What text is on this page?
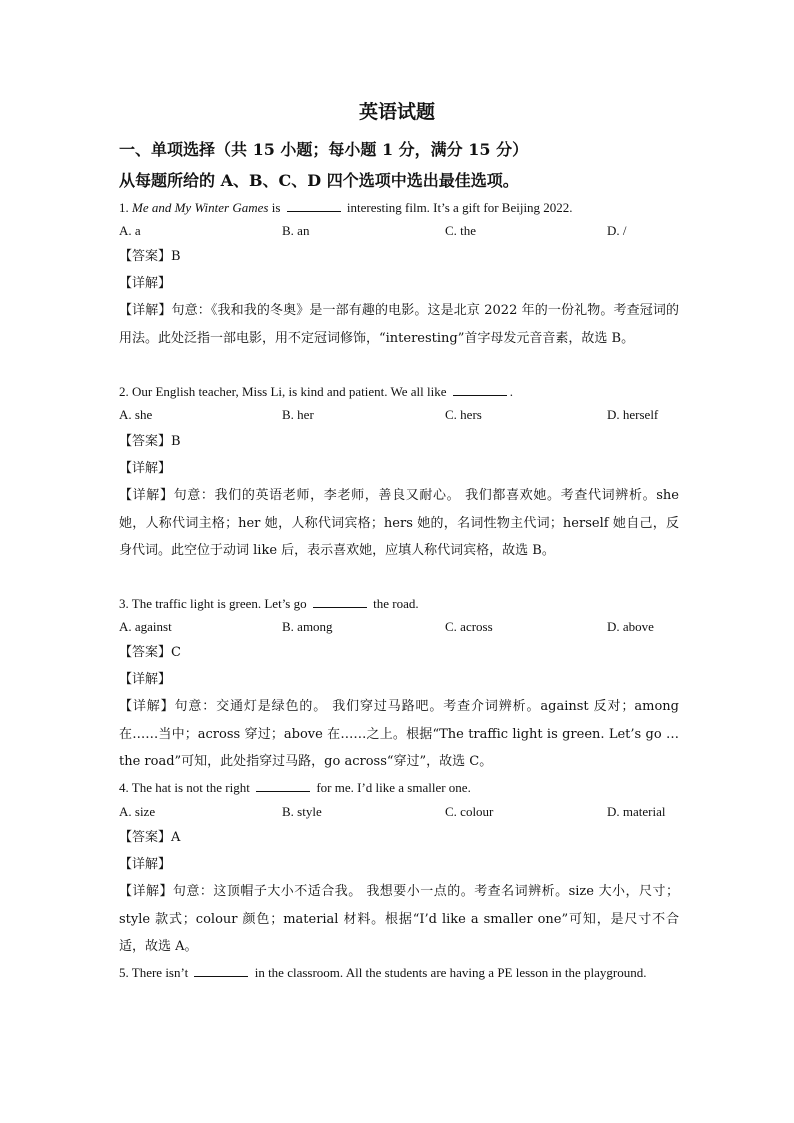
英语试题
一、单项选择（共 15 小题；每小题 1 分，满分 15 分）
从每题所给的 A、B、C、D 四个选项中选出最佳选项。
1. Me and My Winter Games is	interesting film. It’s a gift for Beijing 2022.
A. a	B. an	C. the	D. /
【答案】B
【详解】
【详解】句意：《我和我的冬奥》是一部有趣的电影。这是北京 2022 年的一份礼物。考查冠词的用法。此处泛指一部电影，用不定冠词修饰，“interesting”首字母发元音音素，故选 B。
2. Our English teacher, Miss Li, is kind and patient. We all like	.
A. she	B. her	C. hers	D. herself
【答案】B
【详解】
【详解】句意：我们的英语老师，李老师，善良又耐心。 我们都喜欢她。考查代词辨析。she 她，人称代词主格；her 她，人称代词宾格；hers 她的，名词性物主代词；herself 她自己，反身代词。此空位于动词 like 后，表示喜欢她，应填人称代词宾格，故选 B。
3. The traffic light is green. Let’s go	the road.
A. against	B. among	C. across	D. above
【答案】C
【详解】
【详解】句意：交通灯是绿色的。 我们穿过马路吧。考查介词辨析。against 反对；among 在……当中；across 穿过；above 在……之上。根据“The traffic light is green. Let’s go … the road”可知，此处指穿过马路，go across“穿过”，故选 C。
4. The hat is not the right	for me. I’d like a smaller one.
A. size	B. style	C. colour	D. material
【答案】A
【详解】
【详解】句意：这顶帽子大小不适合我。 我想要小一点的。考查名词辨析。size 大小，尺寸；style 款式；colour 颜色；material 材料。根据“I’d like a smaller one”可知，是尺寸不合适，故选 A。
5. There isn’t	in the classroom. All the students are having a PE lesson in the playground.
